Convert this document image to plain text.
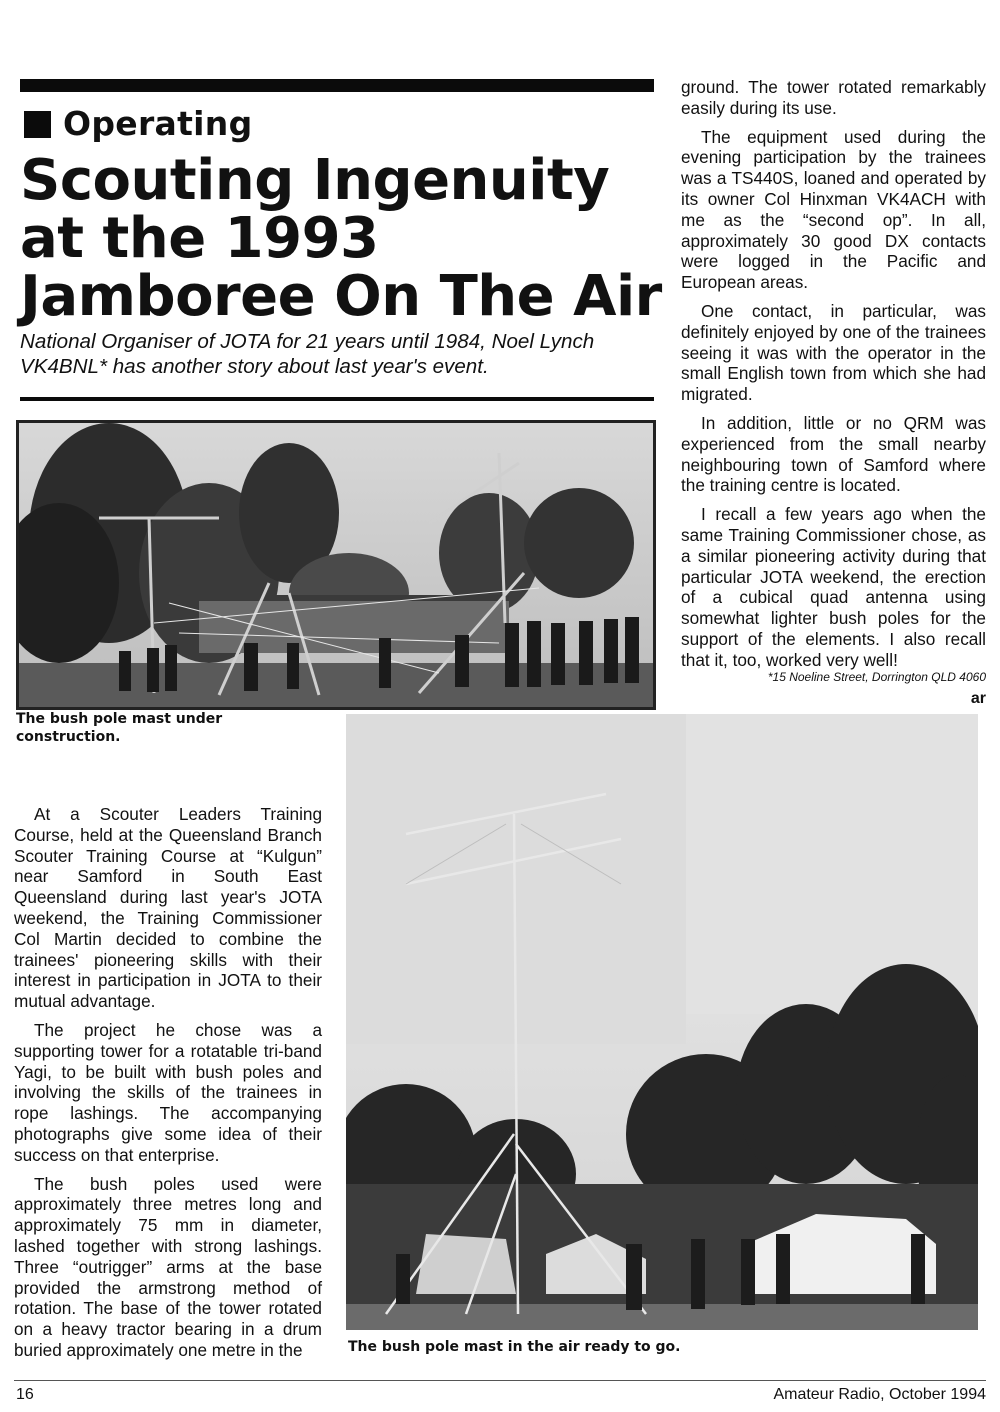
Operating
Scouting Ingenuity at the 1993 Jamboree On The Air
National Organiser of JOTA for 21 years until 1984, Noel Lynch VK4BNL* has another story about last year's event.
The bush pole mast under construction.
The bush pole mast in the air ready to go.

At a Scouter Leaders Training Course, held at the Queensland Branch Scouter Training Course at “Kulgun” near Samford in South East Queensland during last year's JOTA weekend, the Training Commissioner Col Martin decided to combine the trainees' pioneering skills with their interest in participation in JOTA to their mutual advantage.

The project he chose was a supporting tower for a rotatable tri-band Yagi, to be built with bush poles and involving the skills of the trainees in rope lashings. The accompanying photographs give some idea of their success on that enterprise.

The bush poles used were approximately three metres long and approximately 75 mm in diameter, lashed together with strong lashings. Three “outrigger” arms at the base provided the armstrong method of rotation. The base of the tower rotated on a heavy tractor bearing in a drum buried approximately one metre in the

ground. The tower rotated remarkably easily during its use.

The equipment used during the evening participation by the trainees was a TS440S, loaned and operated by its owner Col Hinxman VK4ACH with me as the “second op”. In all, approximately 30 good DX contacts were logged in the Pacific and European areas.

One contact, in particular, was definitely enjoyed by one of the trainees seeing it was with the operator in the small English town from which she had migrated.

In addition, little or no QRM was experienced from the small nearby neighbouring town of Samford where the training centre is located.

I recall a few years ago when the same Training Commissioner chose, as a similar pioneering activity during that particular JOTA weekend, the erection of a cubical quad antenna using somewhat lighter bush poles for the support of the elements. I also recall that it, too, worked very well!

*15 Noeline Street, Dorrington QLD 4060
ar
16	Amateur Radio, October 1994
